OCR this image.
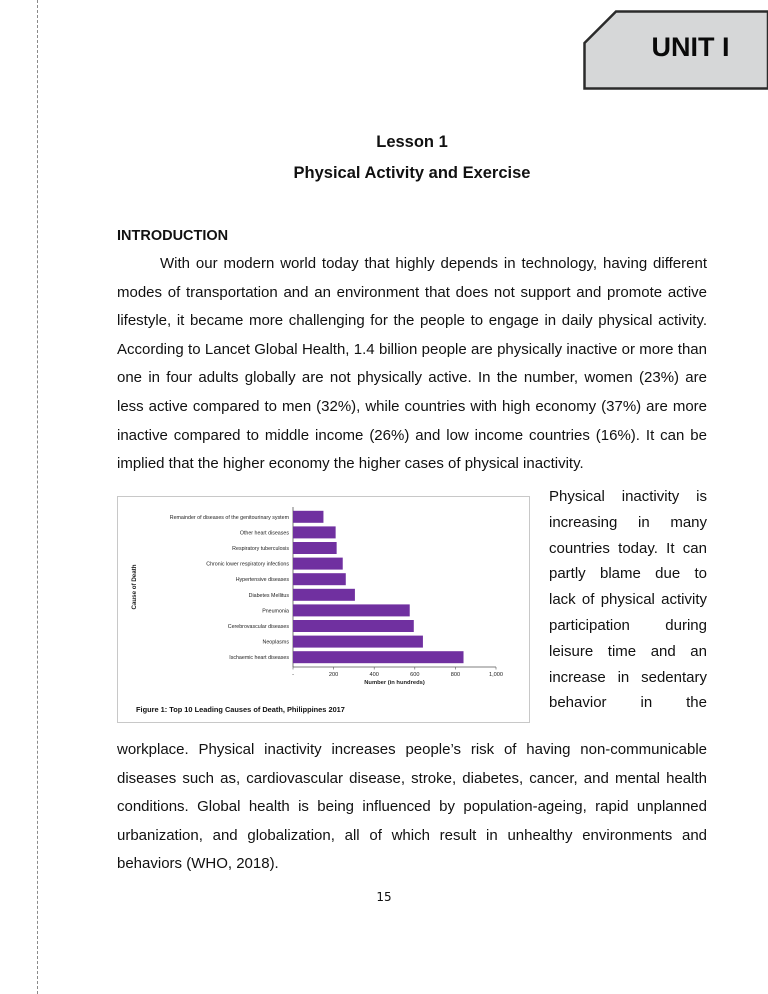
UNIT I
Lesson 1
Physical Activity and Exercise
INTRODUCTION

With our modern world today that highly depends in technology, having different modes of transportation and an environment that does not support and promote active lifestyle, it became more challenging for the people to engage in daily physical activity. According to Lancet Global Health, 1.4 billion people are physically inactive or more than one in four adults globally are not physically active. In the number, women (23%) are less active compared to men (32%), while countries with high economy (37%) are more inactive compared to middle income (26%) and low income countries (16%). It can be implied that the higher economy the higher cases of physical inactivity.

Remainder of diseases of the genitourinary system
Other heart diseases
Respiratory tuberculosis
Chronic lower respiratory infections
Hypertensive diseases
Diabetes Mellitus
Pneumonia
Cerebrovascular diseases
Neoplasms
Ischaemic heart diseases
-	200	400	600	800	1,000
Number (in hundreds)
Cause of Death
Figure 1: Top 10 Leading Causes of Death, Philippines 2017

Physical inactivity is increasing in many countries today. It can partly blame due to lack of physical activity participation during leisure time and an increase in sedentary behavior in the

workplace. Physical inactivity increases people’s risk of having non-communicable diseases such as, cardiovascular disease, stroke, diabetes, cancer, and mental health conditions. Global health is being influenced by population-ageing, rapid unplanned urbanization, and globalization, all of which result in unhealthy environments and behaviors (WHO, 2018).

15
